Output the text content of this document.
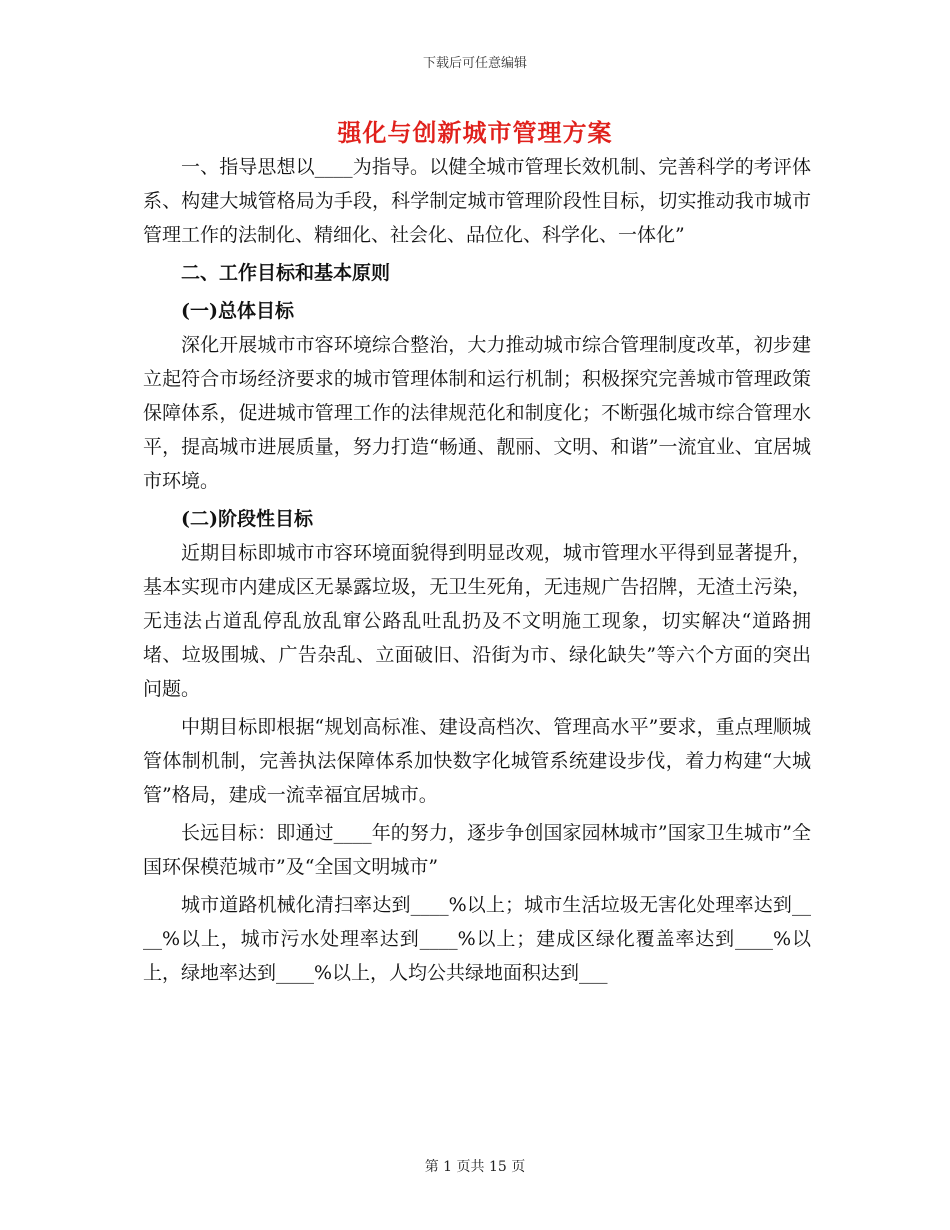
下载后可任意编辑
强化与创新城市管理方案

一、指导思想以____为指导。以健全城市管理长效机制、完善科学的考评体系、构建大城管格局为手段，科学制定城市管理阶段性目标，切实推动我市城市管理工作的法制化、精细化、社会化、品位化、科学化、一体化”

二、工作目标和基本原则

(一)总体目标

深化开展城市市容环境综合整治，大力推动城市综合管理制度改革，初步建立起符合市场经济要求的城市管理体制和运行机制；积极探究完善城市管理政策保障体系，促进城市管理工作的法律规范化和制度化；不断强化城市综合管理水平，提高城市进展质量，努力打造“畅通、靓丽、文明、和谐”一流宜业、宜居城市环境。

(二)阶段性目标

近期目标即城市市容环境面貌得到明显改观，城市管理水平得到显著提升，基本实现市内建成区无暴露垃圾，无卫生死角，无违规广告招牌，无渣土污染，无违法占道乱停乱放乱窜公路乱吐乱扔及不文明施工现象，切实解决“道路拥堵、垃圾围城、广告杂乱、立面破旧、沿街为市、绿化缺失”等六个方面的突出问题。

中期目标即根据“规划高标准、建设高档次、管理高水平”要求，重点理顺城管体制机制，完善执法保障体系加快数字化城管系统建设步伐，着力构建“大城管”格局，建成一流幸福宜居城市。

长远目标：即通过____年的努力，逐步争创国家园林城市”国家卫生城市”全国环保模范城市”及“全国文明城市”

城市道路机械化清扫率达到____%以上；城市生活垃圾无害化处理率达到____%以上，城市污水处理率达到____%以上；建成区绿化覆盖率达到____%以上，绿地率达到____%以上，人均公共绿地面积达到___

第 1 页共 15 页
